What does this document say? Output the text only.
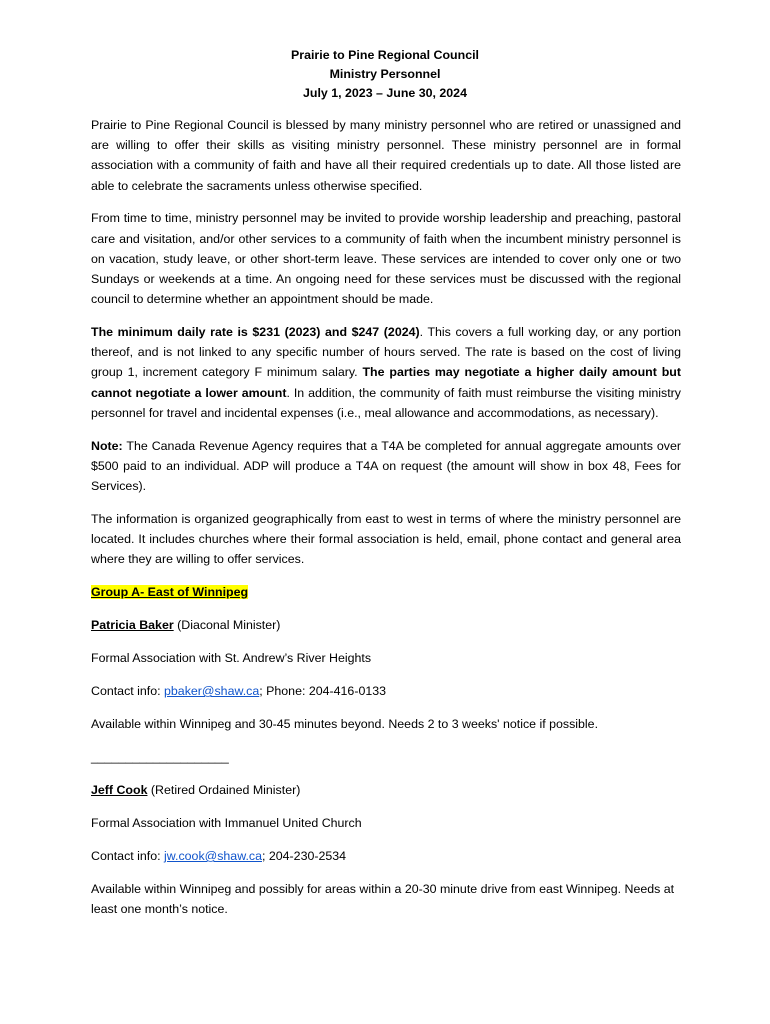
Prairie to Pine Regional Council
Ministry Personnel
July 1, 2023 – June 30, 2024

Prairie to Pine Regional Council is blessed by many ministry personnel who are retired or unassigned and are willing to offer their skills as visiting ministry personnel. These ministry personnel are in formal association with a community of faith and have all their required credentials up to date. All those listed are able to celebrate the sacraments unless otherwise specified.

From time to time, ministry personnel may be invited to provide worship leadership and preaching, pastoral care and visitation, and/or other services to a community of faith when the incumbent ministry personnel is on vacation, study leave, or other short-term leave. These services are intended to cover only one or two Sundays or weekends at a time. An ongoing need for these services must be discussed with the regional council to determine whether an appointment should be made.

The minimum daily rate is $231 (2023) and $247 (2024). This covers a full working day, or any portion thereof, and is not linked to any specific number of hours served. The rate is based on the cost of living group 1, increment category F minimum salary. The parties may negotiate a higher daily amount but cannot negotiate a lower amount. In addition, the community of faith must reimburse the visiting ministry personnel for travel and incidental expenses (i.e., meal allowance and accommodations, as necessary).

Note: The Canada Revenue Agency requires that a T4A be completed for annual aggregate amounts over $500 paid to an individual. ADP will produce a T4A on request (the amount will show in box 48, Fees for Services).

The information is organized geographically from east to west in terms of where the ministry personnel are located. It includes churches where their formal association is held, email, phone contact and general area where they are willing to offer services.

Group A- East of Winnipeg
Patricia Baker (Diaconal Minister)
Formal Association with St. Andrew’s River Heights
Contact info: pbaker@shaw.ca; Phone: 204-416-0133
Available within Winnipeg and 30-45 minutes beyond. Needs 2 to 3 weeks' notice if possible.
____________________
Jeff Cook (Retired Ordained Minister)
Formal Association with Immanuel United Church
Contact info: jw.cook@shaw.ca; 204-230-2534
Available within Winnipeg and possibly for areas within a 20-30 minute drive from east Winnipeg. Needs at least one month’s notice.
